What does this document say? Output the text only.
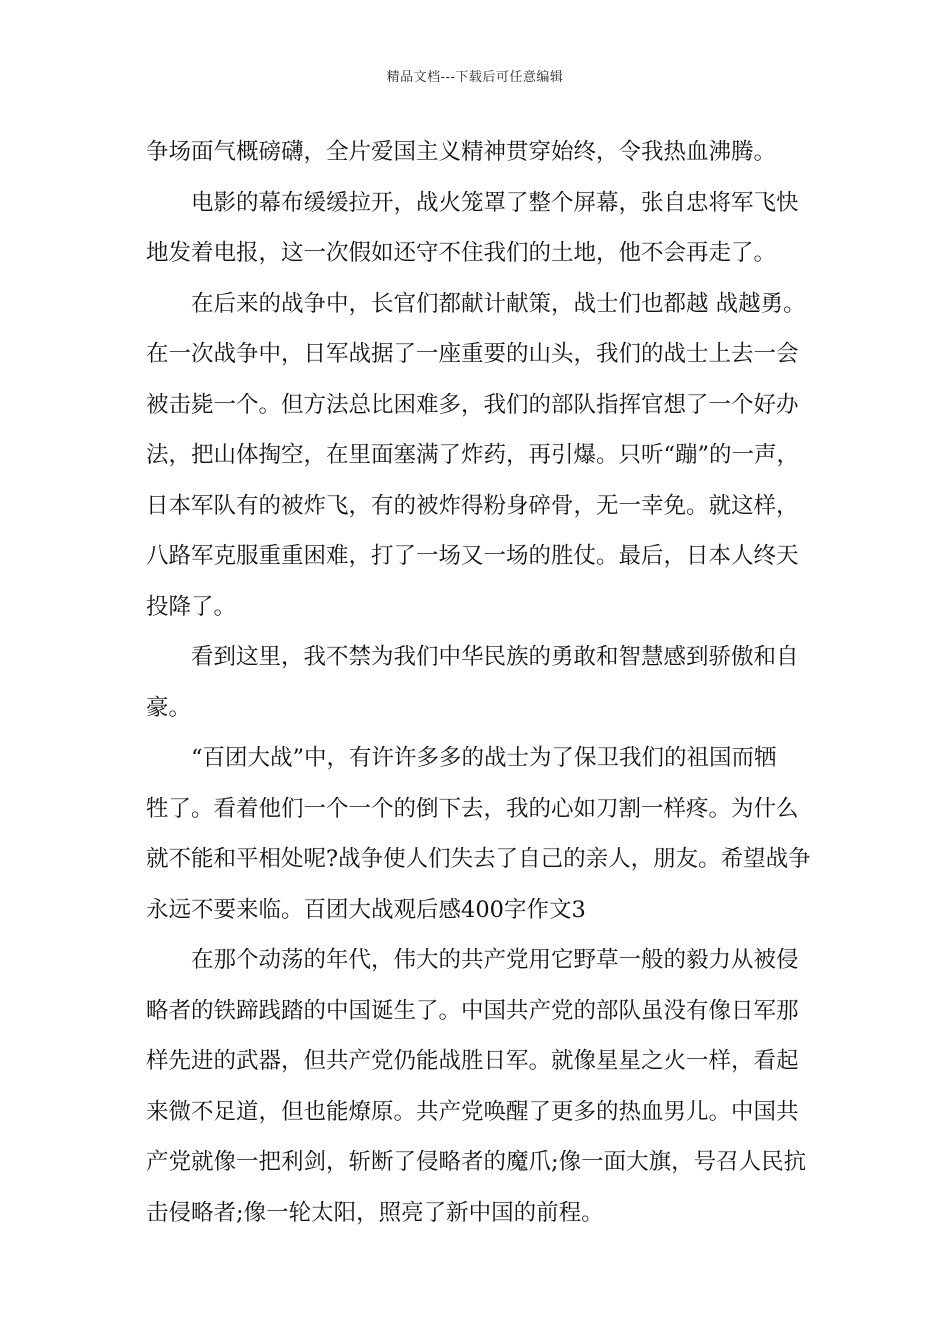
精品文档---下载后可任意编辑
争场面气概磅礴，全片爱国主义精神贯穿始终，令我热血沸腾。
电影的幕布缓缓拉开，战火笼罩了整个屏幕，张自忠将军飞快
地发着电报，这一次假如还守不住我们的土地，他不会再走了。
在后来的战争中，长官们都献计献策，战士们也都越 战越勇。
在一次战争中，日军战据了一座重要的山头，我们的战士上去一会
被击毙一个。但方法总比困难多，我们的部队指挥官想了一个好办
法，把山体掏空，在里面塞满了炸药，再引爆。只听“蹦”的一声，
日本军队有的被炸飞，有的被炸得粉身碎骨，无一幸免。就这样，
八路军克服重重困难，打了一场又一场的胜仗。最后，日本人终天
投降了。
看到这里，我不禁为我们中华民族的勇敢和智慧感到骄傲和自
豪。
“百团大战”中，有许许多多的战士为了保卫我们的祖国而牺
牲了。看着他们一个一个的倒下去，我的心如刀割一样疼。为什么
就不能和平相处呢?战争使人们失去了自己的亲人，朋友。希望战争
永远不要来临。百团大战观后感400字作文3
在那个动荡的年代，伟大的共产党用它野草一般的毅力从被侵
略者的铁蹄践踏的中国诞生了。中国共产党的部队虽没有像日军那
样先进的武器，但共产党仍能战胜日军。就像星星之火一样，看起
来微不足道，但也能燎原。共产党唤醒了更多的热血男儿。中国共
产党就像一把利剑，斩断了侵略者的魔爪;像一面大旗，号召人民抗
击侵略者;像一轮太阳，照亮了新中国的前程。
